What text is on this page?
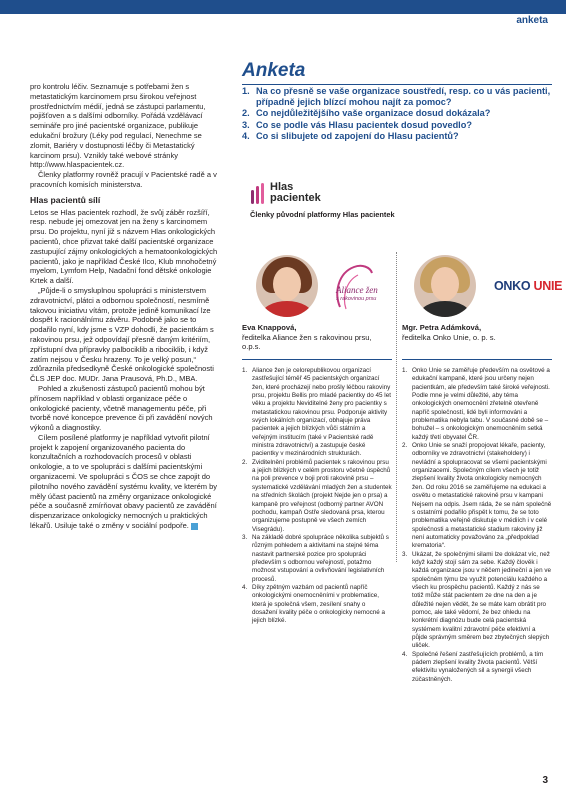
anketa

pro kontrolu léčiv. Seznamuje s potřebami žen s metastatickým karcinomem prsu širokou veřejnost prostřednictvím médií, jedná se zástupci parlamentu, pojišťoven a s dalšími odborníky. Pořádá vzdělávací semináře pro jiné pacientské organizace, publikuje edukační brožury (Léky pod regulací, Nenechme se zlomit, Bariéry v dostupnosti léčby či Metastatický karcinom prsu). Vznikly také webové stránky http://www.hlaspacientek.cz.

Členky platformy rovněž pracují v Pacientské radě a v pracovních komisích ministerstva.

Hlas pacientů sílí

Letos se Hlas pacientek rozhodl, že svůj záběr rozšíří, resp. nebude jej omezovat jen na ženy s karcinomem prsu. Do projektu, nyní již s názvem Hlas onkologických pacientů, chce přizvat také další pacientské organizace zastupující zájmy onkologických a hematoonkologických pacientů, jako je například České Ilco, Klub mnohočetný myelom, Lymfom Help, Nadační fond dětské onkologie Krtek a další.

„Půjde-li o smysluplnou spolupráci s ministerstvem zdravotnictví, plátci a odbornou společností, nesmírně takovou iniciativu vítám, protože jedině komunikací lze dospět k racionálnímu závěru. Podobně jako se to podařilo nyní, kdy jsme s VZP dohodli, že pacientkám s rakovinou prsu, jež odpovídají přesně daným kritériím, zpřístupní dva přípravky palbociklib a ribociklib, i když zatím nejsou v Česku hrazeny. To je velký posun,“ zdůraznila předsedkyně České onkologické společnosti ČLS JEP doc. MUDr. Jana Prausová, Ph.D., MBA.

Pohled a zkušenosti zástupců pacientů mohou být přínosem například v oblasti organizace péče o onkologické pacienty, včetně managementu péče, při tvorbě nové koncepce prevence či při zavádění nových výkonů a diagnostiky.

Cílem posílené platformy je například vytvořit pilotní projekt k zapojení organizovaného pacienta do konzultačních a rozhodovacích procesů v oblasti onkologie, a to ve spolupráci s dalšími pacientskými organizacemi. Ve spolupráci s ČOS se chce zapojit do pilotního nového zavádění systému kvality, ve kterém by měly účast pacientů na změny organizace onkologické péče a současně zmírňovat obavy pacientů ze zavádění dispenzarizace onkologicky nemocných u praktických lékařů. Usiluje také o změny v sociální podpoře.

Anketa
1. Na co přesně se vaše organizace soustředí, resp. co u vás pacienti, případně jejich blízcí mohou najít za pomoc?
2. Co nejdůležitějšího vaše organizace dosud dokázala?
3. Co se podle vás Hlasu pacientek dosud povedlo?
4. Co si slibujete od zapojení do Hlasu pacientů?
Hlas
pacientek
Členky původní platformy Hlas pacientek
Aliance žen
s rakovinou prsu
Eva Knappová,
ředitelka Aliance žen s rakovinou prsu, o.p.s.
1. Aliance žen je celorepublikovou organizací zastřešující téměř 45 pacientských organizací žen, které procházejí nebo prošly léčbou rakoviny prsu, projektu Bellis pro mladé pacientky do 45 let věku a projektu Neviditelné ženy pro pacientky s metastatickou rakovinou prsu. Podporuje aktivity svých lokálních organizací, obhajuje práva pacientek a jejich blízkých vůči státním a veřejným institucím (také v Pacientské radě ministra zdravotnictví) a zastupuje české pacientky v mezinárodních strukturách.
2. Zviditelnění problémů pacientek s rakovinou prsu a jejich blízkých v celém prostoru včetně úspěchů na poli prevence v boji proti rakovině prsu – systematické vzdělávání mladých žen a studentek na středních školách (projekt Nejde jen o prsa) a kampaně pro veřejnost (odborný partner AVON pochodu, kampaň Ostře sledovaná prsa, kterou organizujeme postupně ve všech zemích Visegrádu).
3. Na základě dobré spolupráce několika subjektů s různým pohledem a aktivitami na stejné téma nastavit partnerské pozice pro spolupráci především s odbornou veřejností, potažmo možnost vstupování a ovlivňování legislativních procesů.
4. Díky zpětným vazbám od pacientů napříč onkologickými onemocněními v problematice, která je společná všem, zesílení snahy o dosažení kvality péče o onkologicky nemocné a jejich blízké.
ONKO UNIE
Mgr. Petra Adámková,
ředitelka Onko Unie, o. p. s.
1. Onko Unie se zaměřuje především na osvětové a edukační kampaně, které jsou určeny nejen pacientkám, ale především také široké veřejnosti. Podle mne je velmi důležité, aby téma onkologických onemocnění zřetelně otevřeně napříč společností, lidé byli informováni a problematika nebyla tabu. V současné době se – bohužel – s onkologickým onemocněním setká každý třetí obyvatel ČR.
2. Onko Unie se snaží propojovat lékaře, pacienty, odborníky ve zdravotnictví (stakeholdery) i nevládní a spolupracovat se všemi pacientskými organizacemi. Společným cílem všech je totiž zlepšení kvality života onkologicky nemocných žen. Od roku 2016 se zaměřujeme na edukaci a osvětu o metastatické rakovině prsu v kampani Nejsem na odpis. Jsem ráda, že se nám společně s ostatními podařilo přispět k tomu, že se toto problematika veřejně diskutuje v médiích i v celé společnosti a metastatické stadium rakoviny již není automaticky považováno za „předpoklad krematoria“.
3. Ukázat, že společnými silami lze dokázat víc, než když každý stojí sám za sebe. Každý člověk i každá organizace jsou v něčem jedineční a jen ve společném týmu lze využít potenciálu každého a všech ku prospěchu pacientů. Každý z nás se totiž může stát pacientem ze dne na den a je důležité nejen vědět, že se máte kam obrátit pro pomoc, ale také vědomí, že bez ohledu na konkrétní diagnózu bude celá pacientská systémem kvalitní zdravotní péče efektivní a půjde správným směrem bez zbytečných slepých uliček.
4. Společné řešení zastřešujících problémů, a tím pádem zlepšení kvality života pacientů. Větší efektivitu vynaložených sil a synergii všech zúčastněných.
3
